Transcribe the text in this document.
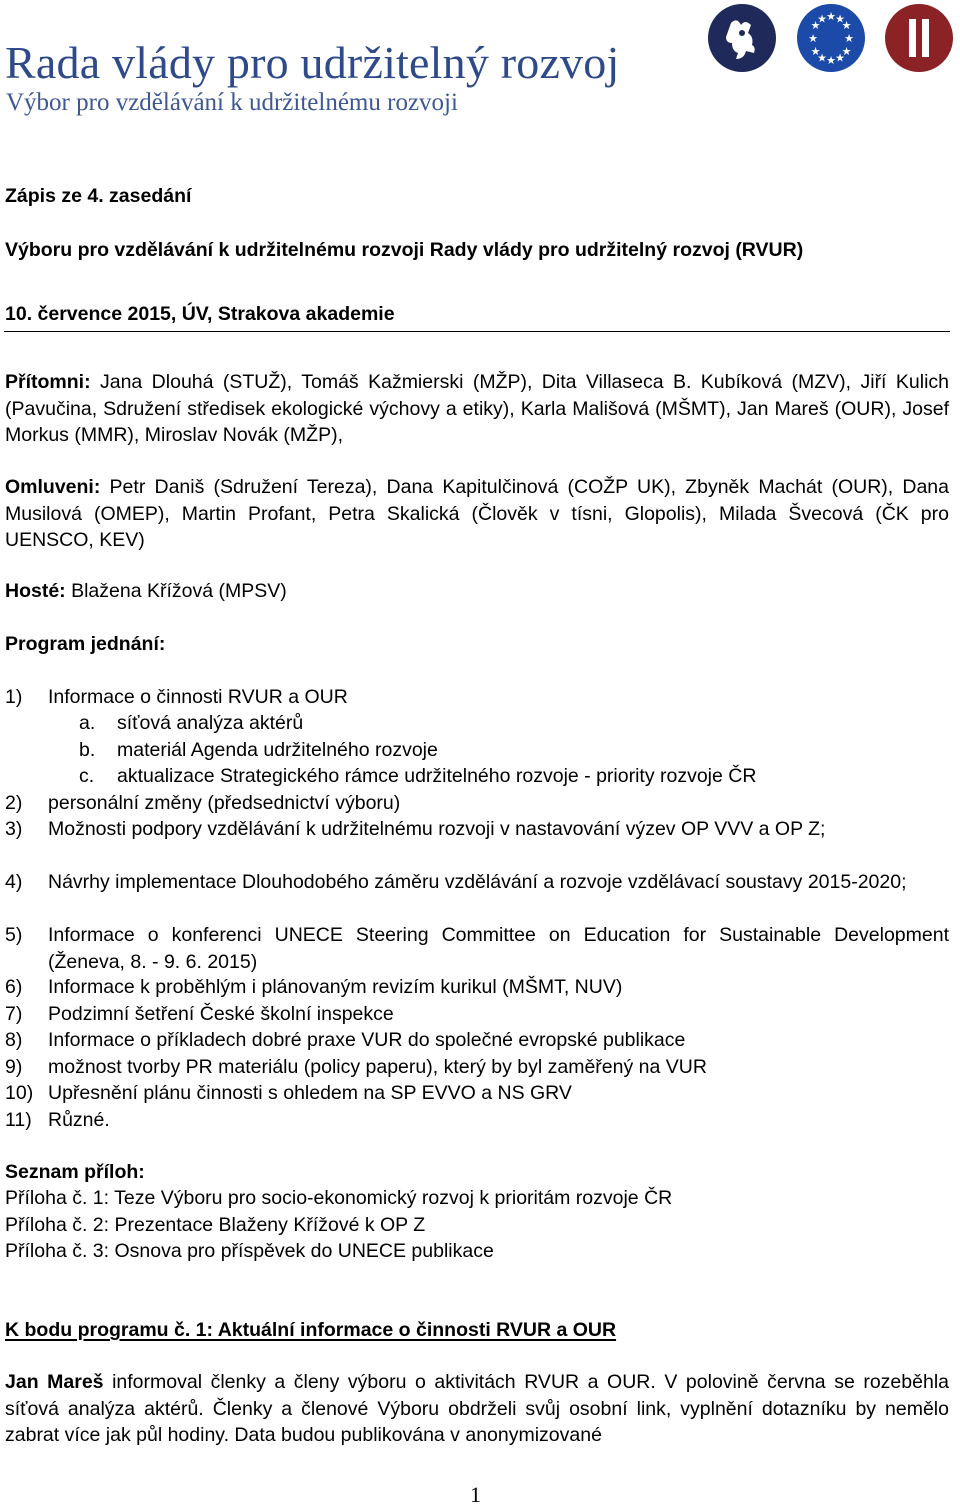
Rada vlády pro udržitelný rozvoj
Výbor pro vzdělávání k udržitelnému rozvoji
★ ★
★
★
★
★
★
★
★
★
★
★
Zápis ze 4. zasedání
Výboru pro vzdělávání k udržitelnému rozvoji Rady vlády pro udržitelný rozvoj (RVUR)
10. července 2015, ÚV, Strakova akademie
Přítomni: Jana Dlouhá (STUŽ), Tomáš Kažmierski (MŽP), Dita Villaseca B. Kubíková (MZV), Jiří Kulich (Pavučina, Sdružení středisek ekologické výchovy a etiky), Karla Mališová (MŠMT), Jan Mareš (OUR), Josef Morkus (MMR), Miroslav Novák (MŽP),
Omluveni: Petr Daniš (Sdružení Tereza), Dana Kapitulčinová (COŽP UK), Zbyněk Machát (OUR), Dana Musilová (OMEP), Martin Profant, Petra Skalická (Člověk v tísni, Glopolis), Milada Švecová (ČK pro UENSCO, KEV)
Hosté: Blažena Křížová (MPSV)
Program jednání:
1) Informace o činnosti RVUR a OUR
a. síťová analýza aktérů
b. materiál Agenda udržitelného rozvoje
c. aktualizace Strategického rámce udržitelného rozvoje - priority rozvoje ČR
2) personální změny (předsednictví výboru)
3) Možnosti podpory vzdělávání k udržitelnému rozvoji v nastavování výzev OP VVV a OP Z;
4) Návrhy implementace Dlouhodobého záměru vzdělávání a rozvoje vzdělávací soustavy 2015-2020;
5) Informace o konferenci UNECE Steering Committee on Education for Sustainable Development (Ženeva, 8. - 9. 6. 2015)
6) Informace k proběhlým i plánovaným revizím kurikul (MŠMT, NUV)
7) Podzimní šetření České školní inspekce
8) Informace o příkladech dobré praxe VUR do společné evropské publikace
9) možnost tvorby PR materiálu (policy paperu), který by byl zaměřený na VUR
10) Upřesnění plánu činnosti s ohledem na SP EVVO a NS GRV
11) Různé.
Seznam příloh:
Příloha č. 1: Teze Výboru pro socio-ekonomický rozvoj k prioritám rozvoje ČR
Příloha č. 2: Prezentace Blaženy Křížové k OP Z
Příloha č. 3: Osnova pro příspěvek do UNECE publikace
K bodu programu č. 1: Aktuální informace o činnosti RVUR a OUR
Jan Mareš informoval členky a členy výboru o aktivitách RVUR a OUR. V polovině června se rozeběhla síťová analýza aktérů. Členky a členové Výboru obdrželi svůj osobní link, vyplnění dotazníku by nemělo zabrat více jak půl hodiny. Data budou publikována v anonymizované
1
